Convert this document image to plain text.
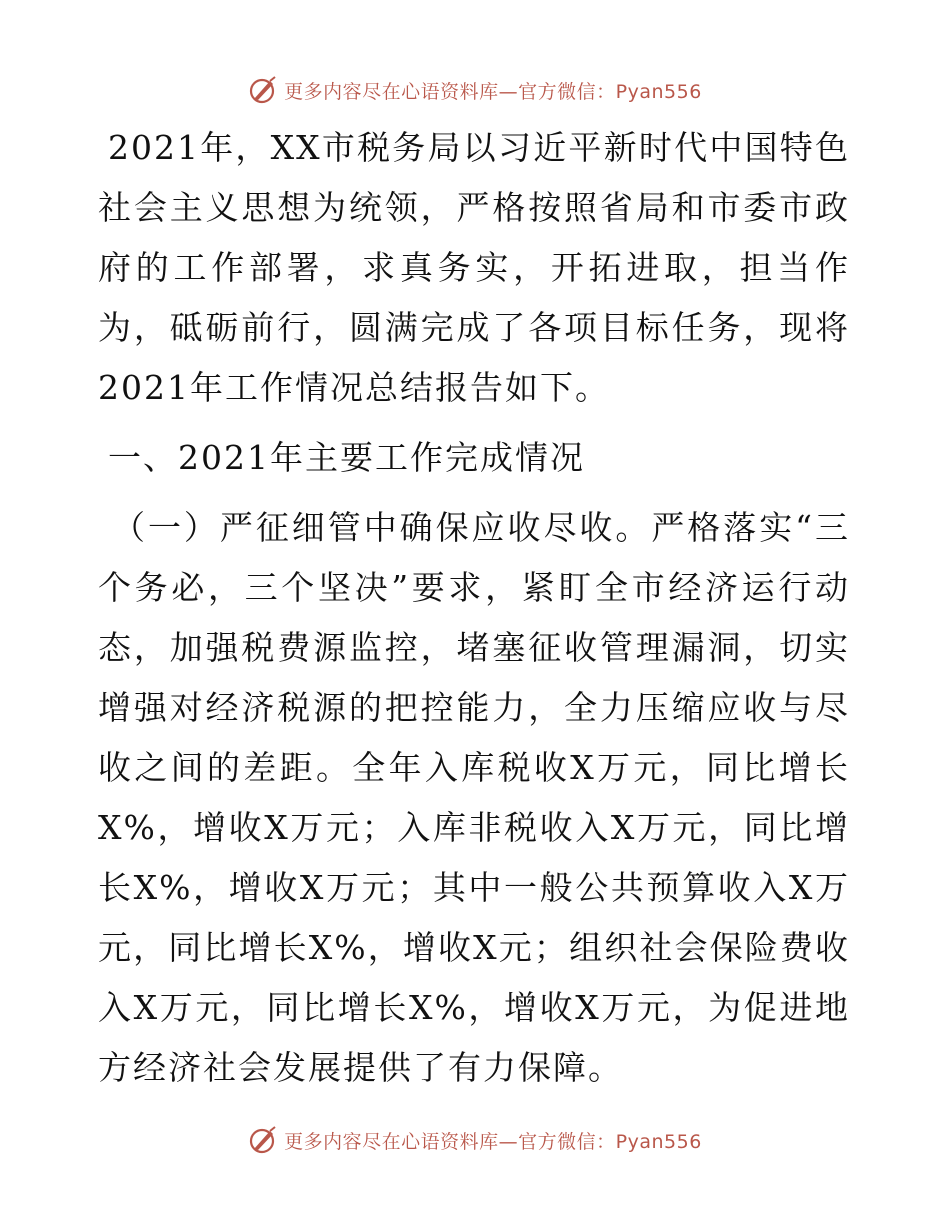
更多内容尽在心语资料库—官方微信：Pyan556

2021年，XX市税务局以习近平新时代中国特色社会主义思想为统领，严格按照省局和市委市政府的工作部署，求真务实，开拓进取，担当作为，砥砺前行，圆满完成了各项目标任务，现将2021年工作情况总结报告如下。

一、2021年主要工作完成情况

（一）严征细管中确保应收尽收。严格落实“三个务必，三个坚决”要求，紧盯全市经济运行动态，加强税费源监控，堵塞征收管理漏洞，切实增强对经济税源的把控能力，全力压缩应收与尽收之间的差距。全年入库税收X万元，同比增长X%，增收X万元；入库非税收入X万元，同比增长X%，增收X万元；其中一般公共预算收入X万元，同比增长X%，增收X元；组织社会保险费收入X万元，同比增长X%，增收X万元，为促进地方经济社会发展提供了有力保障。

更多内容尽在心语资料库—官方微信：Pyan556
